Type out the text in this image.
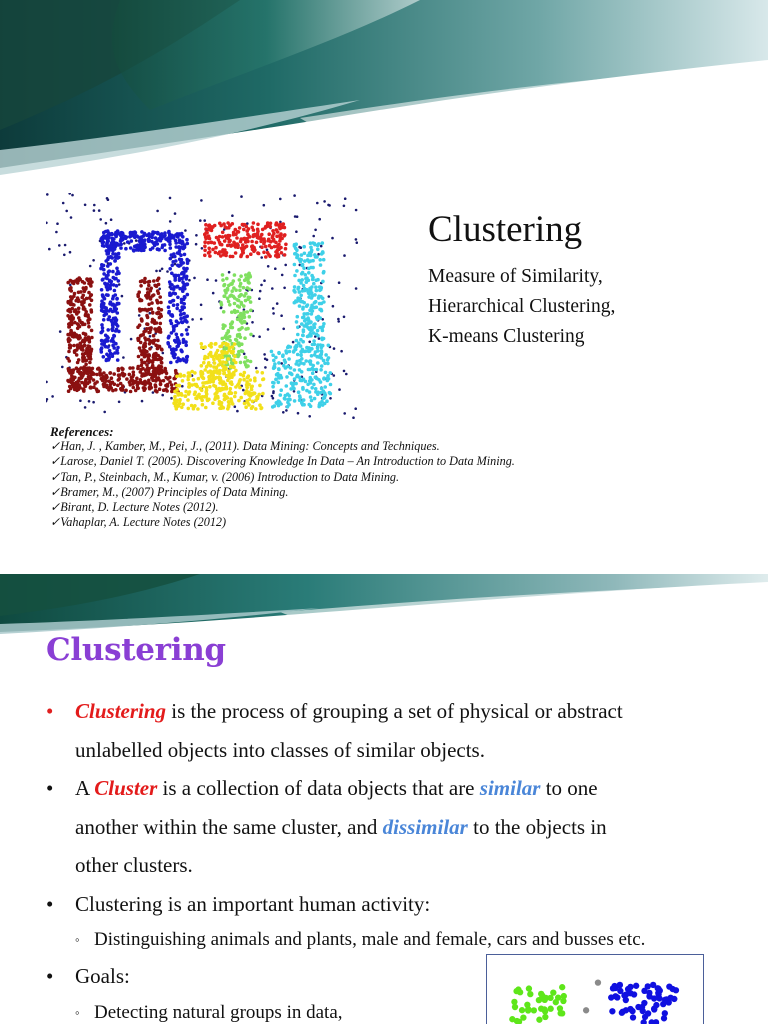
Clustering
Measure of Similarity,
Hierarchical Clustering,
K-means Clustering
References:
✓Han, J. , Kamber, M., Pei, J., (2011). Data Mining: Concepts and Techniques.
✓Larose, Daniel T. (2005). Discovering Knowledge In Data – An Introduction to Data Mining.
✓Tan, P., Steinbach, M., Kumar, v. (2006) Introduction to Data Mining.
✓Bramer, M., (2007) Principles of Data Mining.
✓Birant, D. Lecture Notes (2012).
✓Vahaplar, A. Lecture Notes (2012)
Clustering
• Clustering is the process of grouping a set of physical or abstract
unlabelled objects into classes of similar objects.
• A Cluster is a collection of data objects that are similar to one
another within the same cluster, and dissimilar to the objects in
other clusters.
• Clustering is an important human activity:
◦ Distinguishing animals and plants, male and female, cars and busses etc.
• Goals:
◦ Detecting natural groups in data,
